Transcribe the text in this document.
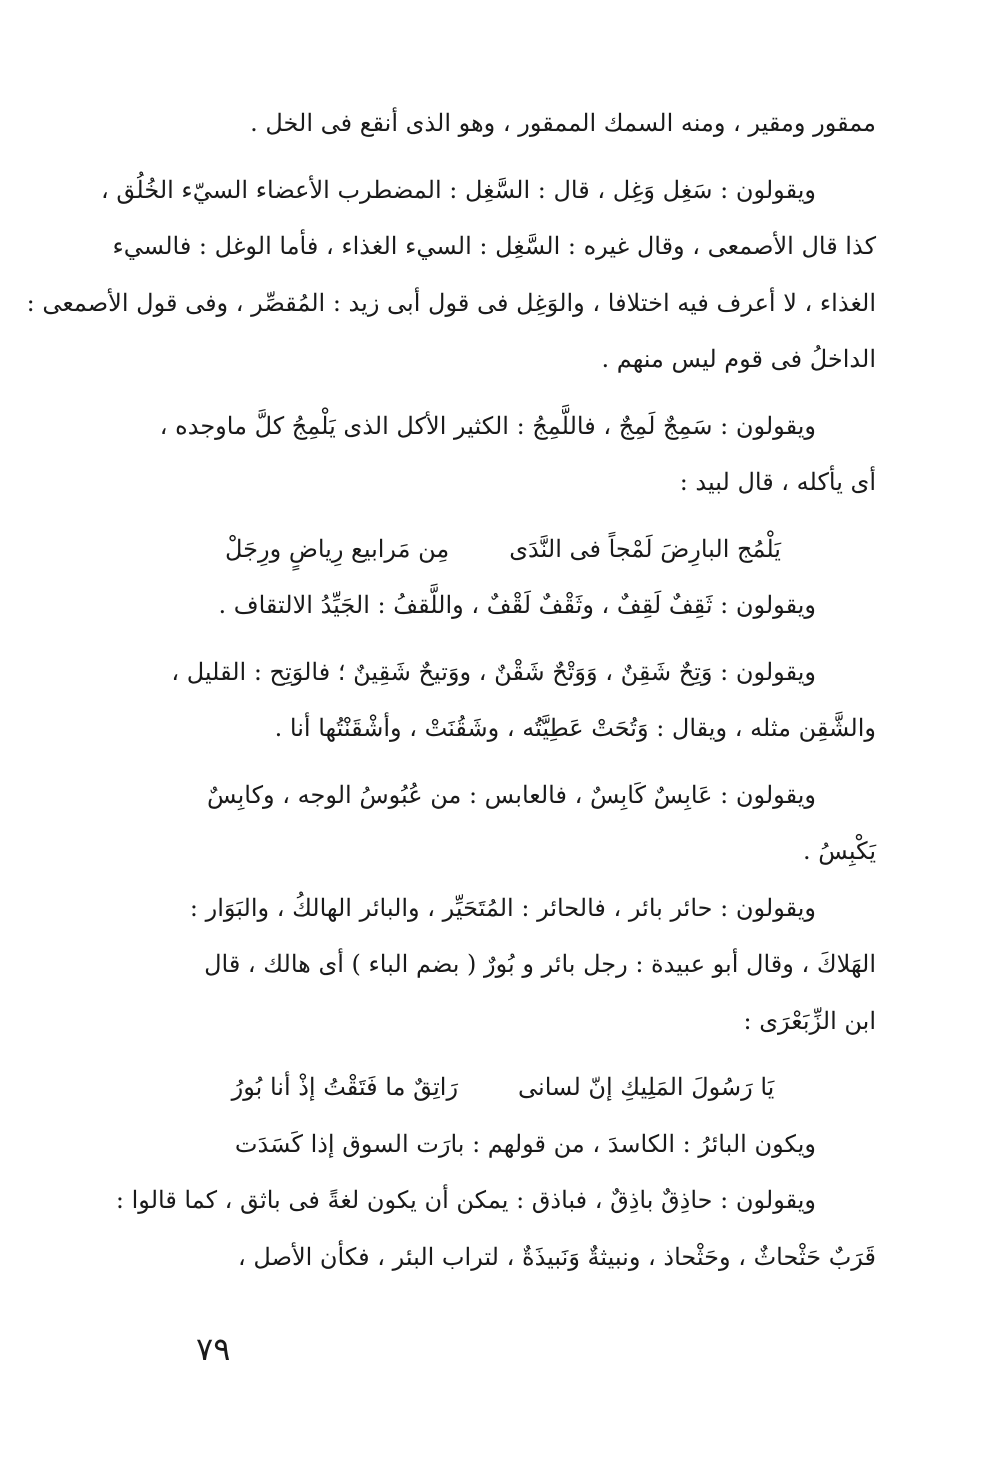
ممقور ومقير ، ومنه السمك الممقور ، وهو الذى أنقع فى الخل .
ويقولون : سَغِل وَغِل ، قال : السَّغِل : المضطرب الأعضاء السيّء الخُلُق ،
كذا قال الأصمعى ، وقال غيره : السَّغِل : السيء الغذاء ، فأما الوغل : فالسيء
الغذاء ، لا أعرف فيه اختلافا ، والوَغِل فى قول أبى زيد : المُقصِّر ، وفى قول الأصمعى :
الداخلُ فى قوم ليس منهم .
ويقولون : سَمِجٌ لَمِجٌ ، فاللَّمِجُ : الكثير الأكل الذى يَلْمِجُ كلَّ ماوجده ،
أى يأكله ، قال لبيد :
يَلْمُج البارِضَ لَمْجاً فى النَّدَى
مِن مَرابيع رِياضٍ ورِجَلْ
ويقولون : ثَقِفٌ لَقِفٌ ، وثَقْفٌ لَقْفٌ ، واللَّقفُ : الجَيِّدُ الالتقاف .
ويقولون : وَتِحٌ شَقِنٌ ، وَوَتْحٌ شَقْنٌ ، ووَتيحٌ شَقِينٌ ؛ فالوَتِح : القليل ،
والشَّقِن مثله ، ويقال : وَتُحَتْ عَطِيَّتُه ، وشَقُنَتْ ، وأشْقَنْتُها أنا .
ويقولون : عَابِسٌ كَابِسٌ ، فالعابس : من عُبُوسُ الوجه ، وكابِسٌ
يَكْبِسُ .
ويقولون : حائر بائر ، فالحائر : المُتَحَيِّر ، والبائر الهالكُ ، والبَوَار :
الهَلاكَ ، وقال أبو عبيدة : رجل بائر و بُورٌ ( بضم الباء ) أى هالك ، قال
ابن الزِّبَعْرَى :
يَا رَسُولَ المَلِيكِ إنّ لسانى
رَاتِقٌ ما فَتَقْتُ إذْ أنا بُورُ
ويكون البائرُ : الكاسدَ ، من قولهم : بارَت السوق إذا كَسَدَت
ويقولون : حاذِقٌ باذِقٌ ، فباذق : يمكن أن يكون لغةً فى باثق ، كما قالوا :
قَرَبٌ حَثْحاثٌ ، وحَثْحاذ ، ونبيثةٌ وَنَبيذَةٌ ، لتراب البئر ، فكأن الأصل ،
٧٩
